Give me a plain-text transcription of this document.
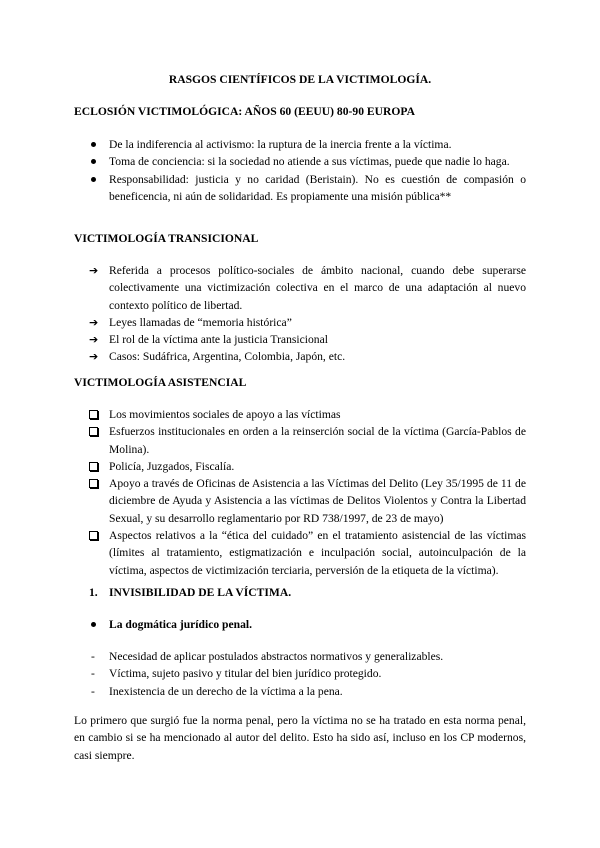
RASGOS CIENTÍFICOS DE LA VICTIMOLOGÍA.
ECLOSIÓN VICTIMOLÓGICA: AÑOS 60 (EEUU) 80-90 EUROPA
De la indiferencia al activismo: la ruptura de la inercia frente a la víctima.
Toma de conciencia: si la sociedad no atiende a sus víctimas, puede que nadie lo haga.
Responsabilidad: justicia y no caridad (Beristain). No es cuestión de compasión o beneficencia, ni aún de solidaridad. Es propiamente una misión pública**
VICTIMOLOGÍA TRANSICIONAL
➔ Referida a procesos político-sociales de ámbito nacional, cuando debe superarse colectivamente una victimización colectiva en el marco de una adaptación al nuevo contexto político de libertad.
➔ Leyes llamadas de “memoria histórica”
➔ El rol de la víctima ante la justicia Transicional
➔ Casos: Sudáfrica, Argentina, Colombia, Japón, etc.
VICTIMOLOGÍA ASISTENCIAL
Los movimientos sociales de apoyo a las víctimas
Esfuerzos institucionales en orden a la reinserción social de la víctima (García-Pablos de Molina).
Policía, Juzgados, Fiscalía.
Apoyo a través de Oficinas de Asistencia a las Víctimas del Delito (Ley 35/1995 de 11 de diciembre de Ayuda y Asistencia a las víctimas de Delitos Violentos y Contra la Libertad Sexual, y su desarrollo reglamentario por RD 738/1997, de 23 de mayo)
Aspectos relativos a la “ética del cuidado” en el tratamiento asistencial de las víctimas (límites al tratamiento, estigmatización e inculpación social, autoinculpación de la víctima, aspectos de victimización terciaria, perversión de la etiqueta de la víctima).
1. INVISIBILIDAD DE LA VÍCTIMA.
La dogmática jurídico penal.
-	Necesidad de aplicar postulados abstractos normativos y generalizables.
-	Víctima, sujeto pasivo y titular del bien jurídico protegido.
-	Inexistencia de un derecho de la víctima a la pena.

Lo primero que surgió fue la norma penal, pero la víctima no se ha tratado en esta norma penal, en cambio si se ha mencionado al autor del delito. Esto ha sido así, incluso en los CP modernos, casi siempre.
